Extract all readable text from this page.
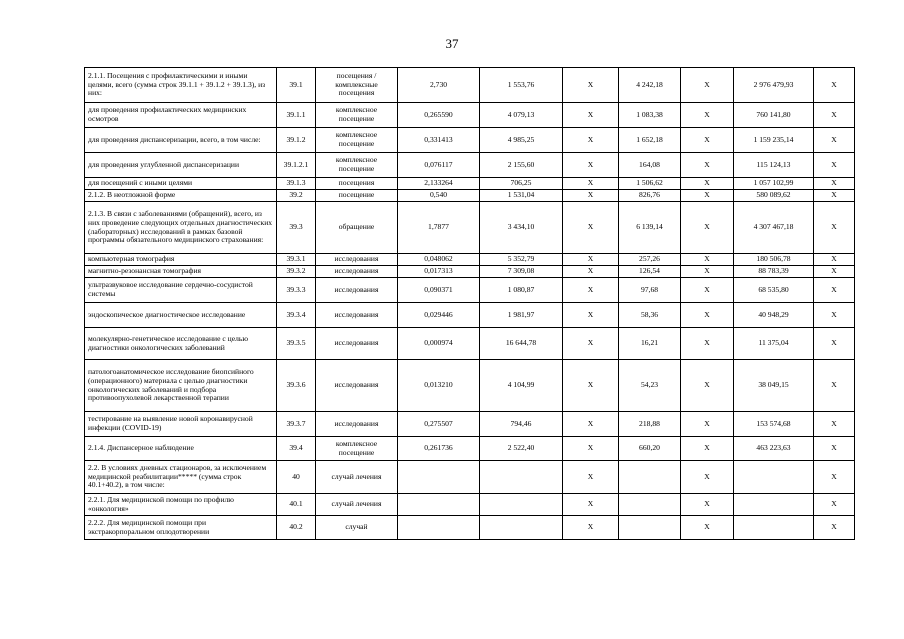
37
2.1.1. Посещения с профилактическими и иными целями, всего (сумма строк 39.1.1 + 39.1.2 + 39.1.3), из них:	39.1	посещения / комплексные посещения	2,730	1 553,76	X	4 242,18	X	2 976 479,93	X
для проведения профилактических медицинских осмотров	39.1.1	комплексное посещение	0,265590	4 079,13	X	1 083,38	X	760 141,80	X
для проведения диспансеризации, всего, в том числе:	39.1.2	комплексное посещение	0,331413	4 985,25	X	1 652,18	X	1 159 235,14	X
для проведения углубленной диспансеризации	39.1.2.1	комплексное посещение	0,076117	2 155,60	X	164,08	X	115 124,13	X
для посещений с иными целями	39.1.3	посещения	2,133264	706,25	X	1 506,62	X	1 057 102,99	X
2.1.2. В неотложной форме	39.2	посещение	0,540	1 531,04	X	826,76	X	580 089,62	X
2.1.3. В связи с заболеваниями (обращений), всего, из них проведение следующих отдельных диагностических (лабораторных) исследований в рамках базовой программы обязательного медицинского страхования:	39.3	обращение	1,7877	3 434,10	X	6 139,14	X	4 307 467,18	X
компьютерная томография	39.3.1	исследования	0,048062	5 352,79	X	257,26	X	180 506,78	X
магнитно-резонансная томография	39.3.2	исследования	0,017313	7 309,08	X	126,54	X	88 783,39	X
ультразвуковое исследование сердечно-сосудистой системы	39.3.3	исследования	0,090371	1 080,87	X	97,68	X	68 535,80	X
эндоскопическое диагностическое исследование	39.3.4	исследования	0,029446	1 981,97	X	58,36	X	40 948,29	X
молекулярно-генетическое исследование с целью диагностики онкологических заболеваний	39.3.5	исследования	0,000974	16 644,78	X	16,21	X	11 375,04	X
патологоанатомическое исследование биопсийного (операционного) материала с целью диагностики онкологических заболеваний и подбора противоопухолевой лекарственной терапии	39.3.6	исследования	0,013210	4 104,99	X	54,23	X	38 049,15	X
тестирование на выявление новой коронавирусной инфекции (COVID-19)	39.3.7	исследования	0,275507	794,46	X	218,88	X	153 574,68	X
2.1.4. Диспансерное наблюдение	39.4	комплексное посещение	0,261736	2 522,40	X	660,20	X	463 223,63	X
2.2. В условиях дневных стационаров, за исключением медицинской реабилитации***** (сумма строк 40.1+40.2), в том числе:	40	случай лечения			X		X		X
2.2.1. Для медицинской помощи по профилю «онкология»	40.1	случай лечения			X		X		X
2.2.2. Для медицинской помощи при экстракорпоральном оплодотворении	40.2	случай			X		X		X
